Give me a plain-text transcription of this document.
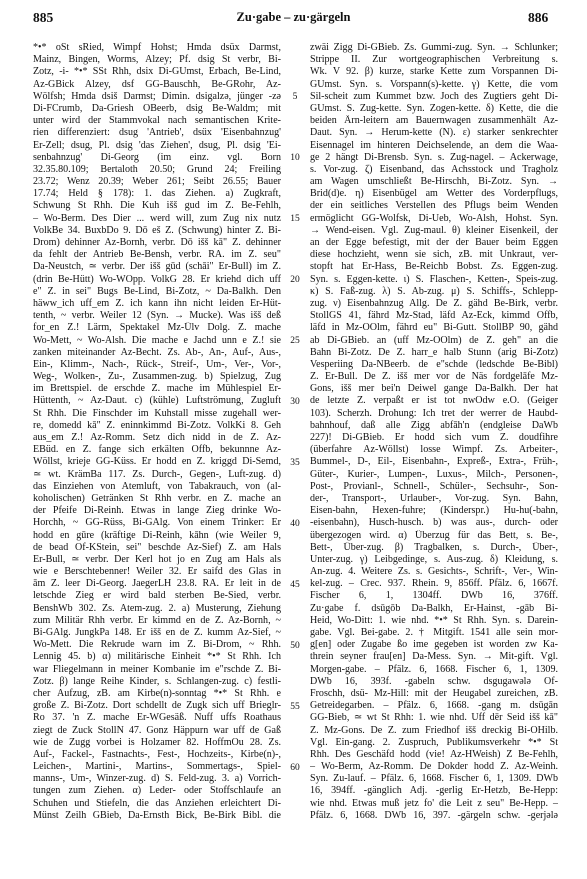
885	Zu·gabe – zu·gärgeln	886
*•* oSt sRied, Wimpf Hohst; Hmda dsüx Darmst,
Mainz, Bingen, Worms, Alzey; Pf. dsig St verbr, Bi-
Zotz, -i- *•* SSt Rhh, dsix Di-GUmst, Erbach, Be-Lind,
Az-GBick Alzey, dsf GG-Bauschh, Be-GRohr, Az-
Wölfsh; Hmda dsiš Darmst; Dimin. dsigalzə, jünger -zə
Di-FCrumb, Da-Griesh OBeerb, dsig Be-Waldm; mit
unter wird der Stammvokal nach semantischen Krite-
rien differenziert: dsug 'Antrieb', dsüx 'Eisenbahnzug'
Er-Zell; dsug, Pl. dsig 'das Ziehen', dsug, Pl. dsig 'Ei-
senbahnzug' Di-Georg (im einz. vgl. Born
32.35.80.109; Bertaloth 20.50; Grund 24; Freiling
23.72; Wenz 20.39; Weber 261; Seibt 26.55; Bauer
17.74; Held § 178): 1. das Ziehen. a) Zugkraft,
Schwung St Rhh. Die Kuh išš gud im Z. Be-Fehlh,
– Wo-Berm. Des Dier ... werd will, zum Zug nix nutz
VolkBe 34. BuxbDo 9. Dō eš Z. (Schwung) hinter Z. Bi-
Drom) dehinner Az-Bornh, verbr. Dō išš kā" Z. dehinner
da fehlt der Antrieb Be-Bensh, verbr. RA. im Z. seu"
Da-Neustch, ≃ verbr. Der išš gūd (schāi" Er-Bull) im Z.
(drin Be-Hütt) Wo-WOpp. VolkG 28. Er kriehd dich uff
e" Z. in sei" Bugs Be-Lind, Bi-Zotz, ~ Da-Balkh. Den
häww_ich uff_em Z. ich kann ihn nicht leiden Er-Hüt-
tenth, ~ verbr. Weiler 12 (Syn. → Mucke). Was išš deß
for_en Z.! Lärm, Spektakel Mz-Ülv Dolg. Z. mache
Wo-Mett, ~ Wo-Alsh. Die mache e Jachd unn e Z.! sie
zanken miteinander Az-Becht. Zs. Ab-, An-, Auf-, Aus-,
Ein-, Klimm-, Nach-, Rück-, Streif-, Um-, Ver-, Vor-,
Weg-, Wolken-, Zu-, Zusammen-zug. b) Spielzug, Zug
im Brettspiel. de erschde Z. mache im Mühlespiel Er-
Hüttenth, ~ Az-Daut. c) (kühle) Luftströmung, Zugluft
St Rhh. Die Finschder im Kuhstall misse zugehall wer-
re, domedd kā" Z. eninnkimmd Bi-Zotz. VolkKi 8. Geh
aus_em Z.! Az-Romm. Setz dich nidd in de Z. Az-
EBüd. en Z. fange sich erkälten Offb, bekunnne Az-
Wöllst, krieje GG-Küss. Er hodd en Z. kriggd Di-Semd,
≃ wt. KrämBa 117. Zs. Durch-, Gegen-, Luft-zug. d)
das Einziehen von Atemluft, von Tabakrauch, von (al-
koholischen) Getränken St Rhh verbr. en Z. mache an
der Pfeife Di-Reinh. Etwas in lange Zieg drinke Wo-
Horchh, ~ GG-Rüss, Bi-GAlg. Von einem Trinker: Er
hodd en gūre (kräftige Di-Reinh, kāhn (wie Weiler 9,
de bead Of-KStein, sei" beschde Az-Sief) Z. am Hals
Er-Bull, ≃ verbr. Der Kerl hot jo en Zug am Hals als
wie e Berschtebenner! Weiler 32. Er saifd des Glas in
ām Z. leer Di-Georg. JaegerLH 23.8. RA. Er leit in de
letschde Zieg er wird bald sterben Be-Sied, verbr.
BenshWb 302. Zs. Atem-zug. 2. a) Musterung, Ziehung
zum Militär Rhh verbr. Er kimmd en de Z. Az-Bornh, ~
Bi-GAlg. JungkPa 148. Er išš en de Z. kumm Az-Sief, ~
Wo-Mett. Die Rekrude warn im Z. Bi-Drom, ~ Rhh.
Lennig 45. b) α) militärische Einheit *•* St Rhh. Ich
war Fliegelmann in meiner Kombanie im e"rschde Z. Bi-
Zotz. β) lange Reihe Kinder, s. Schlangen-zug. c) festli-
cher Aufzug, zB. am Kirbe(n)-sonntag *•* St Rhh. e
große Z. Bi-Zotz. Dort schdellt de Zugk sich uff Brieglr-
Ro 37. 'n Z. mache Er-WGesäß. Nuff uffs Roathaus
ziegt de Zuck StollN 47. Gonz Häppurn war uff de Gaß
wie de Zugg vorbei is Holzamer 82. HoffmOu 28. Zs.
Auf-, Fackel-, Fastnachts-, Fest-, Hochzeits-, Kirbe(n)-,
Leichen-, Martini-, Martins-, Sommertags-, Spiel-
manns-, Um-, Winzer-zug. d) S. Feld-zug. 3. a) Vorrich-
tungen zum Ziehen. α) Leder- oder Stoffschlaufe an
Schuhen und Stiefeln, die das Anziehen erleichtert Di-
Münst Zeilh GBieb, Da-Ernsth Bick, Be-Birk Bibl. die
5
10
15
20
25
30
35
40
45
50
55
60
zwäi Zigg Di-GBieb. Zs. Gummi-zug. Syn. → Schlunker;
Strippe II. Zur wortgeographischen Verbreitung s.
Wk. V 92. β) kurze, starke Kette zum Vorspannen Di-
GUmst. Syn. s. Vorspann(s)-kette. γ) Kette, die vom
Sil-scheit zum Kummet bzw. Joch des Zugtiers geht Di-
GUmst. S. Zug-kette. Syn. Zogen-kette. δ) Kette, die die
beiden Ärn-leitern am Bauernwagen zusammenhält Az-
Daut. Syn. → Herum-kette (N). ε) starker senkrechter
Eisennagel im hinteren Deichselende, an dem die Waa-
ge 2 hängt Di-Brensb. Syn. s. Zug-nagel. – Ackerwage,
s. Vor-zug. ζ) Eisenband, das Achsstock und Tragholz
am Wagen umschließt Be-Hirschh, Bi-Zotz. Syn. →
Brid(d)e. η) Eisenbügel am Wetter des Vorderpflugs,
der ein seitliches Verstellen des Pflugs beim Wenden
ermöglicht GG-Wolfsk, Di-Ueb, Wo-Alsh, Hohst. Syn.
→ Wend-eisen. Vgl. Zug-maul. θ) kleiner Eisenkeil, der
an der Egge befestigt, mit der der Bauer beim Eggen
diese hochzieht, wenn sie sich, zB. mit Unkraut, ver-
stopft hat Er-Hass, Be-Reichb Bobst. Zs. Eggen-zug.
Syn. s. Eggen-kette. ι) S. Flaschen-, Ketten-, Speis-zug.
κ) S. Faß-zug. λ) S. Ab-zug. μ) S. Schiffs-, Schlepp-
zug. ν) Eisenbahnzug Allg. De Z. gähd Be-Birk, verbr.
StollGS 41, fährd Mz-Stad, läfd Az-Eck, kimmd Offb,
läfd in Mz-OOlm, fährd eu" Bi-Gutt. StollBP 90, gähd
ab Di-GBieb. an (uff Mz-OOlm) de Z. geh" an die
Bahn Bi-Zotz. De Z. harr_e halb Stunn (arig Bi-Zotz)
Vesperiing Da-NBeerb. de e"schde (ledschde Be-Bibl)
Z. Er-Bull. De Z. išš mer vor de Näs fordgelāfe Mz-
Gons, išš mer bei'n Deiwel gange Da-Balkh. Der hat
de letzte Z. verpaßt er ist tot nwOdw e.O. (Geiger
103). Scherzh. Drohung: Ich tret der werrer de Haubd-
bahnhouf, daß alle Zigg abfāh'n (endgleise DaWb
227)! Di-GBieb. Er hodd sich vum Z. doudfihre
(überfahre Az-Wöllst) losse Wimpf. Zs. Arbeiter-,
Bummel-, D-, Eil-, Eisenbahn-, Expreß-, Extra-, Früh-,
Güter-, Kurier-, Lumpen-, Luxus-, Milch-, Personen-,
Post-, Provianl-, Schnell-, Schüler-, Sechsuhr-, Son-
der-, Transport-, Urlauber-, Vor-zug. Syn. Bahn,
Eisen-bahn, Hexen-fuhre; (Kinderspr.) Hu-hu(-bahn,
-eisenbahn), Husch-husch. b) was aus-, durch- oder
übergezogen wird. α) Überzug für das Bett, s. Be-,
Bett-, Über-zug. β) Tragbalken, s. Durch-, Über-,
Unter-zug. γ) Leibgedinge, s. Aus-zug. δ) Kleidung, s.
An-zug. 4. Weitere Zs. s. Gesichts-, Schrift-, Ver-, Win-
kel-zug. – Crec. 937. Rhein. 9, 856ff. Pfälz. 6, 1667f.
Fischer 6, 1, 1304ff. DWb 16, 376ff.
Zu·gabe f. dsūgōb Da-Balkh, Er-Hainst, -gāb Bi-
Heid, Wo-Ditt: 1. wie nhd. *•* St Rhh. Syn. s. Darein-
gabe. Vgl. Bei-gabe. 2. † Mitgift. 1541 alle sein mor-
g[en] oder Zugabe ßo ime gegeben ist worden zw Ka-
threin seyner frau[en] Da-Mess. Syn. → Mit-gift. Vgl.
Morgen-gabe. – Pfälz. 6, 1668. Fischer 6, 1, 1309.
DWb 16, 393f. -gabeln schw. dsgugawələ Of-
Froschh, dsü- Mz-Hill: mit der Heugabel zureichen, zB.
Getreidegarben. – Pfälz. 6, 1668. -gang m. dsūgān
GG-Bieb, ≃ wt St Rhh: 1. wie nhd. Uff dēr Seid išš kā"
Z. Mz-Gons. De Z. zum Friedhof išš dreckig Bi-OHilb.
Vgl. Ein-gang. 2. Zuspruch, Publikumsverkehr *•* St
Rhh. Des Geschäfd hodd (vie! Az-HWeish) Z Be-Fehlh,
– Wo-Berm, Az-Romm. De Dokder hodd Z. Az-Weinh.
Syn. Zu-lauf. – Pfälz. 6, 1668. Fischer 6, 1, 1309. DWb
16, 394ff. -gänglich Adj. -gerlig Er-Hetzb, Be-Hepp:
wie nhd. Etwas muß jetz fo' die Leit z seu" Be-Hepp. –
Pfälz. 6, 1668. DWb 16, 397. -gärgeln schw. -gerjələ
